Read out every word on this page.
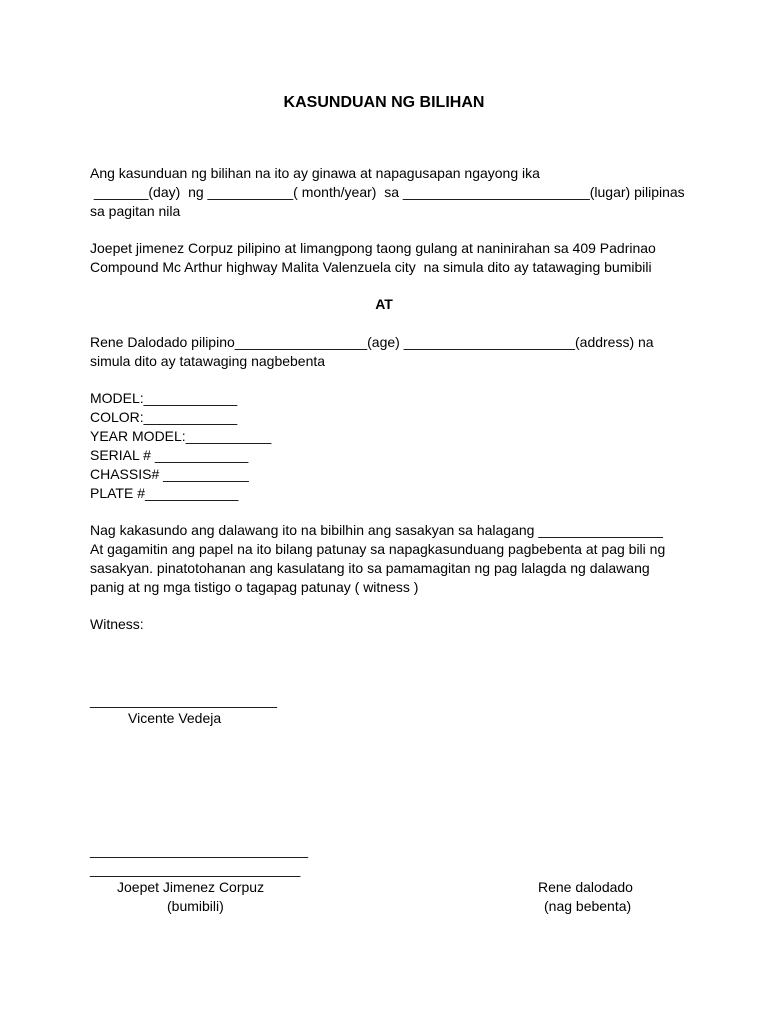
KASUNDUAN NG BILIHAN
Ang kasunduan ng bilihan na ito ay ginawa at napagusapan ngayong ika
_______(day)  ng ___________( month/year)  sa ________________________(lugar) pilipinas
sa pagitan nila
Joepet jimenez Corpuz pilipino at limangpong taong gulang at naninirahan sa 409 Padrinao
Compound Mc Arthur highway Malita Valenzuela city  na simula dito ay tatawaging bumibili
AT
Rene Dalodado pilipino_________________(age) ______________________(address) na
simula dito ay tatawaging nagbebenta
MODEL:____________
COLOR:____________
YEAR MODEL:___________
SERIAL # ____________
CHASSIS# ___________
PLATE #____________
Nag kakasundo ang dalawang ito na bibilhin ang sasakyan sa halagang ________________
At gagamitin ang papel na ito bilang patunay sa napagkasunduang pagbebenta at pag bili ng
sasakyan. pinatotohanan ang kasulatang ito sa pamamagitan ng pag lalagda ng dalawang
panig at ng mga tistigo o tagapag patunay ( witness )
Witness:
________________________
Vicente Vedeja
____________________________
___________________________
Joepet Jimenez Corpuz
(bumibili)
Rene dalodado
(nag bebenta)
